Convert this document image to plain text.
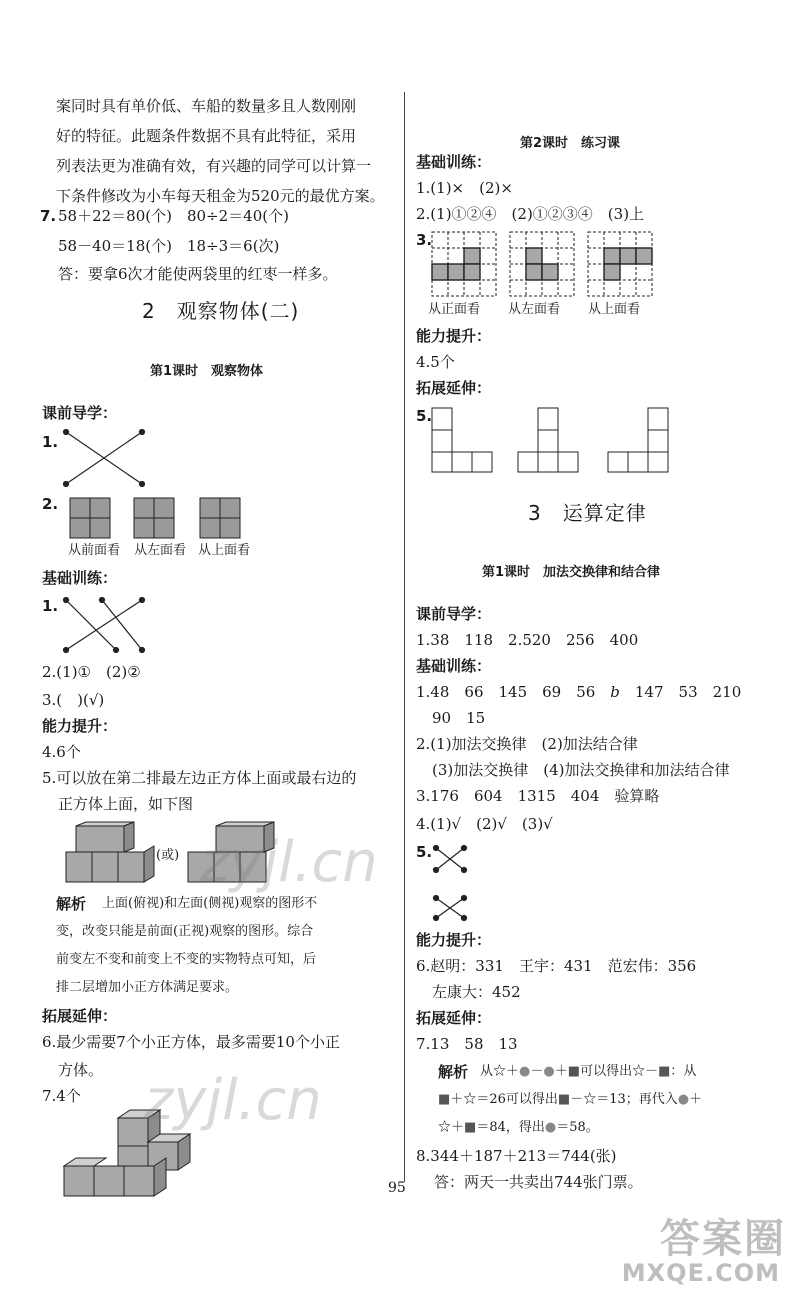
案同时具有单价低、车船的数量多且人数刚刚
好的特征。此题条件数据不具有此特征，采用
列表法更为准确有效，有兴趣的同学可以计算一
下条件修改为小车每天租金为520元的最优方案。
7. 58＋22＝80(个)　80÷2＝40(个)
58－40＝18(个)　18÷3＝6(次)
答：要拿6次才能使两袋里的红枣一样多。
2　观察物体(二)
第1课时　观察物体
课前导学：
1.
2.
从前面看 从左面看 从上面看
基础训练：
1.
2.(1)①　(2)②
3.(　)(√)
能力提升：
4.6个
5.可以放在第二排最左边正方体上面或最右边的
正方体上面，如下图
(或)
解析 上面(俯视)和左面(侧视)观察的图形不
变，改变只能是前面(正视)观察的图形。综合
前变左不变和前变上不变的实物特点可知，后
排二层增加小正方体满足要求。
拓展延伸：
6.最少需要7个小正方体，最多需要10个小正
方体。
7.4个
第2课时　练习课
基础训练：
1.(1)×　(2)×
2.(1)①②④　(2)①②③④　(3)上
3.
从正面看 从左面看 从上面看
能力提升：
4.5个
拓展延伸：
5.
3　运算定律
第1课时　加法交换律和结合律
课前导学：
1.38　118　2.520　256　400
基础训练：
1.48　66　145　69　56　b　147　53　210
90　15
2.(1)加法交换律　(2)加法结合律
(3)加法交换律　(4)加法交换律和加法结合律
3.176　604　1315　404　验算略
4.(1)√　(2)√　(3)√
5.
能力提升：
6.赵明：331　王宇：431　范宏伟：356
左康大：452
拓展延伸：
7.13　58　13
解析 从☆＋●－●＋■可以得出☆－■：从
■＋☆＝26可以得出■－☆＝13；再代入●＋
☆＋■＝84，得出●＝58。
8.344＋187＋213＝744(张)
答：两天一共卖出744张门票。
95
zyjl.cn
zyjl.cn
答案圈
MXQE.COM
